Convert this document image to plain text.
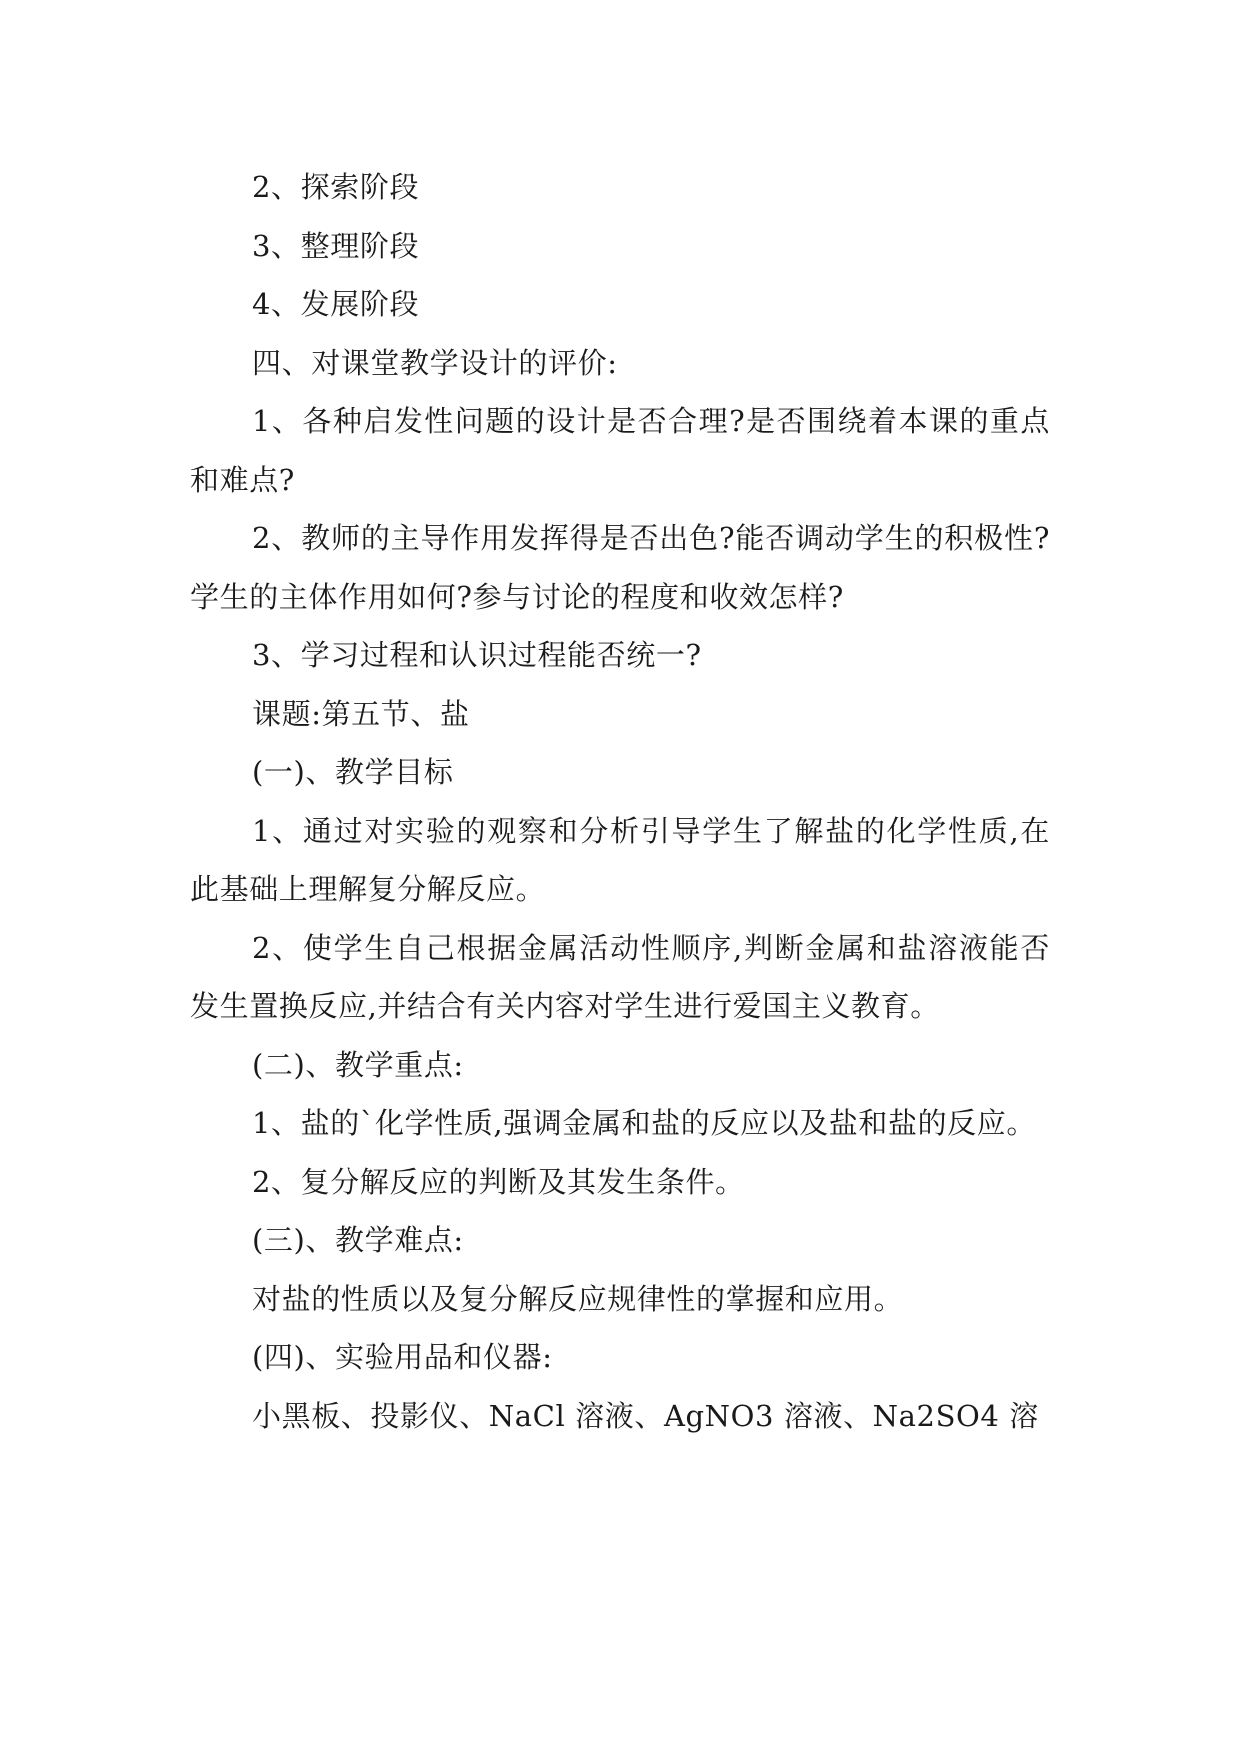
2、探索阶段

3、整理阶段

4、发展阶段

四、对课堂教学设计的评价:

1、各种启发性问题的设计是否合理?是否围绕着本课的重点和难点?

2、教师的主导作用发挥得是否出色?能否调动学生的积极性?学生的主体作用如何?参与讨论的程度和收效怎样?

3、学习过程和认识过程能否统一?

课题:第五节、盐

(一)、教学目标

1、通过对实验的观察和分析引导学生了解盐的化学性质,在此基础上理解复分解反应。

2、使学生自己根据金属活动性顺序,判断金属和盐溶液能否发生置换反应,并结合有关内容对学生进行爱国主义教育。

(二)、教学重点:

1、盐的`化学性质,强调金属和盐的反应以及盐和盐的反应。

2、复分解反应的判断及其发生条件。

(三)、教学难点:

对盐的性质以及复分解反应规律性的掌握和应用。

(四)、实验用品和仪器:

小黑板、投影仪、NaCl 溶液、AgNO3 溶液、Na2SO4 溶
